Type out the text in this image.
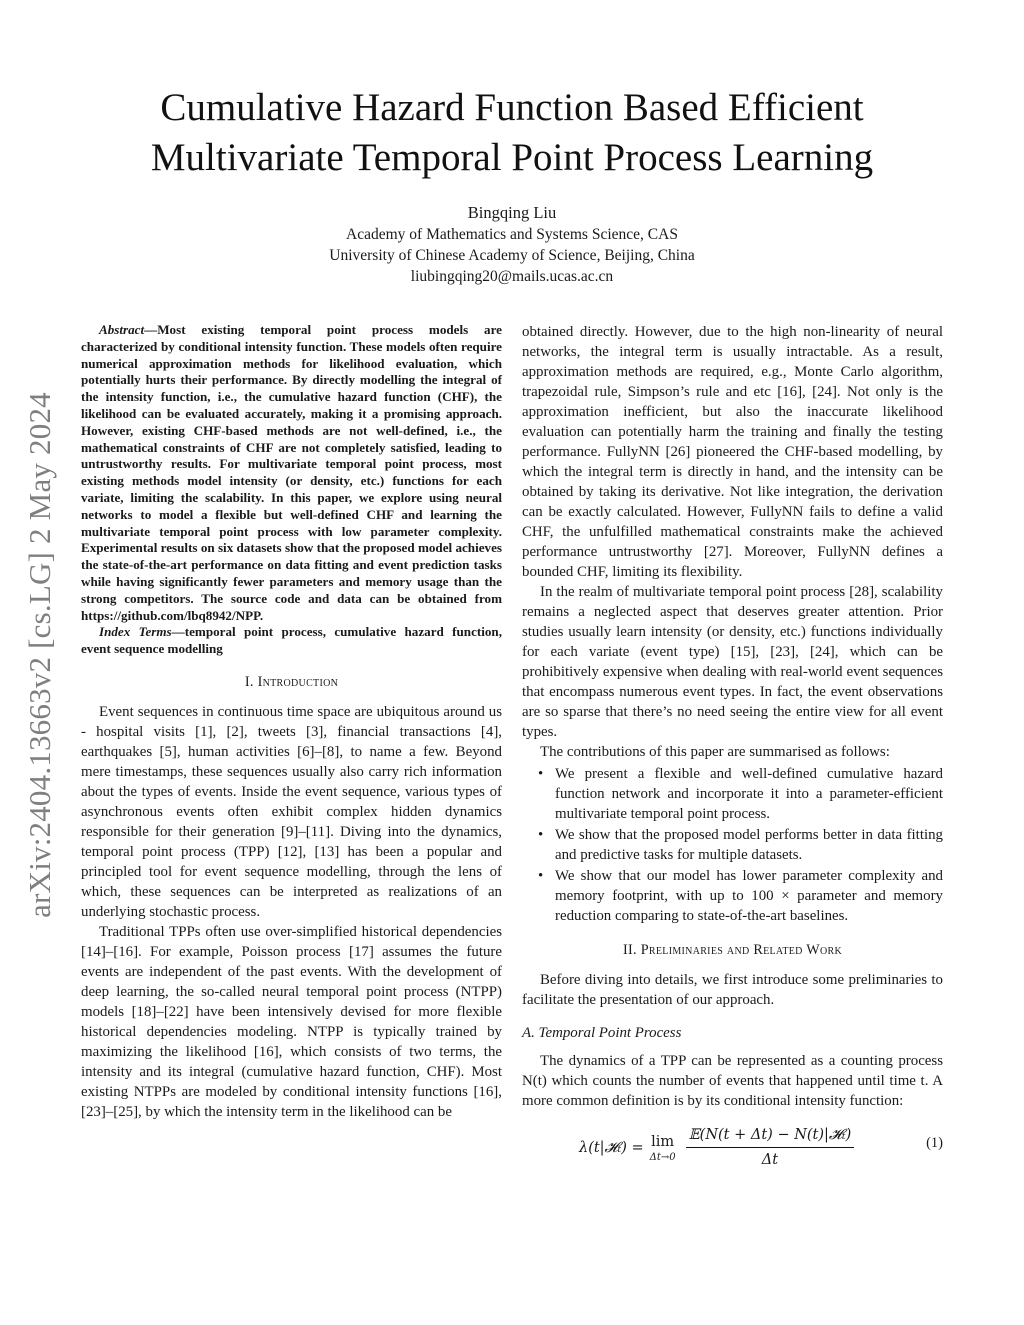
arXiv:2404.13663v2 [cs.LG] 2 May 2024
Cumulative Hazard Function Based Efficient Multivariate Temporal Point Process Learning
Bingqing Liu
Academy of Mathematics and Systems Science, CAS
University of Chinese Academy of Science, Beijing, China
liubingqing20@mails.ucas.ac.cn

Abstract—Most existing temporal point process models are characterized by conditional intensity function. These models often require numerical approximation methods for likelihood evaluation, which potentially hurts their performance. By directly modelling the integral of the intensity function, i.e., the cumulative hazard function (CHF), the likelihood can be evaluated accurately, making it a promising approach. However, existing CHF-based methods are not well-defined, i.e., the mathematical constraints of CHF are not completely satisfied, leading to untrustworthy results. For multivariate temporal point process, most existing methods model intensity (or density, etc.) functions for each variate, limiting the scalability. In this paper, we explore using neural networks to model a flexible but well-defined CHF and learning the multivariate temporal point process with low parameter complexity. Experimental results on six datasets show that the proposed model achieves the state-of-the-art performance on data fitting and event prediction tasks while having significantly fewer parameters and memory usage than the strong competitors. The source code and data can be obtained from https://github.com/lbq8942/NPP.

Index Terms—temporal point process, cumulative hazard function, event sequence modelling

I. Introduction

Event sequences in continuous time space are ubiquitous around us - hospital visits [1], [2], tweets [3], financial transactions [4], earthquakes [5], human activities [6]–[8], to name a few. Beyond mere timestamps, these sequences usually also carry rich information about the types of events. Inside the event sequence, various types of asynchronous events often exhibit complex hidden dynamics responsible for their generation [9]–[11]. Diving into the dynamics, temporal point process (TPP) [12], [13] has been a popular and principled tool for event sequence modelling, through the lens of which, these sequences can be interpreted as realizations of an underlying stochastic process.

Traditional TPPs often use over-simplified historical dependencies [14]–[16]. For example, Poisson process [17] assumes the future events are independent of the past events. With the development of deep learning, the so-called neural temporal point process (NTPP) models [18]–[22] have been intensively devised for more flexible historical dependencies modeling. NTPP is typically trained by maximizing the likelihood [16], which consists of two terms, the intensity and its integral (cumulative hazard function, CHF). Most existing NTPPs are modeled by conditional intensity functions [16], [23]–[25], by which the intensity term in the likelihood can be

obtained directly. However, due to the high non-linearity of neural networks, the integral term is usually intractable. As a result, approximation methods are required, e.g., Monte Carlo algorithm, trapezoidal rule, Simpson’s rule and etc [16], [24]. Not only is the approximation inefficient, but also the inaccurate likelihood evaluation can potentially harm the training and finally the testing performance. FullyNN [26] pioneered the CHF-based modelling, by which the integral term is directly in hand, and the intensity can be obtained by taking its derivative. Not like integration, the derivation can be exactly calculated. However, FullyNN fails to define a valid CHF, the unfulfilled mathematical constraints make the achieved performance untrustworthy [27]. Moreover, FullyNN defines a bounded CHF, limiting its flexibility.

In the realm of multivariate temporal point process [28], scalability remains a neglected aspect that deserves greater attention. Prior studies usually learn intensity (or density, etc.) functions individually for each variate (event type) [15], [23], [24], which can be prohibitively expensive when dealing with real-world event sequences that encompass numerous event types. In fact, the event observations are so sparse that there’s no need seeing the entire view for all event types.

The contributions of this paper are summarised as follows:

• We present a flexible and well-defined cumulative hazard function network and incorporate it into a parameter-efficient multivariate temporal point process.
• We show that the proposed model performs better in data fitting and predictive tasks for multiple datasets.
• We show that our model has lower parameter complexity and memory footprint, with up to 100 × parameter and memory reduction comparing to state-of-the-art baselines.
II. Preliminaries and Related Work

Before diving into details, we first introduce some preliminaries to facilitate the presentation of our approach.

A. Temporal Point Process

The dynamics of a TPP can be represented as a counting process N(t) which counts the number of events that happened until time t. A more common definition is by its conditional intensity function:

λ(t|𝓗ₜ) = lim
$\Delta t\to 0 \frac{\text{𝔼(N(t + Δt) − N(t)|𝓗ₜ)}}{\Delta t}$	(1)
